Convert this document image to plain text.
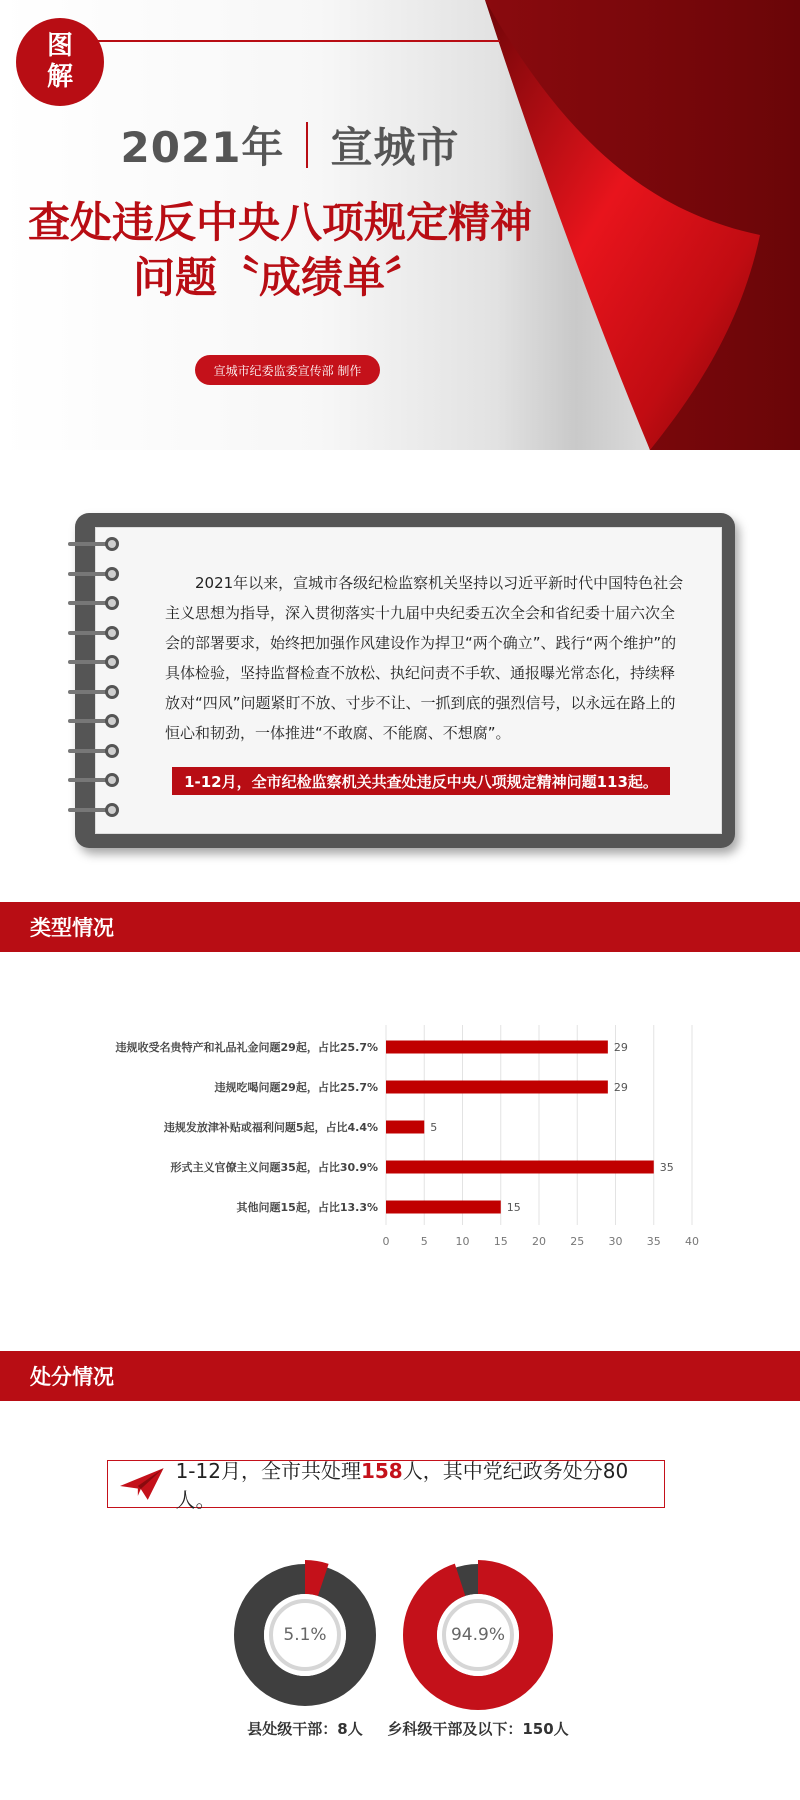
图
解
2021年 宣城市
查处违反中央八项规定精神
问题〝成绩单〞
宣城市纪委监委宣传部 制作
2021年以来，宣城市各级纪检监察机关坚持以习近平新时代中国特色社会主义思想为指导，深入贯彻落实十九届中央纪委五次全会和省纪委十届六次全会的部署要求，始终把加强作风建设作为捍卫“两个确立”、践行“两个维护”的具体检验，坚持监督检查不放松、执纪问责不手软、通报曝光常态化，持续释放对“四风”问题紧盯不放、寸步不让、一抓到底的强烈信号，以永远在路上的恒心和韧劲，一体推进“不敢腐、不能腐、不想腐”。
1-12月，全市纪检监察机关共查处违反中央八项规定精神问题113起。
类型情况
0	5	10 15 20 25 30 35 40
违规收受名贵特产和礼品礼金问题29起，占比25.7%	29
违规吃喝问题29起，占比25.7%	29
违规发放津补贴或福利问题5起，占比4.4%	5
形式主义官僚主义问题35起，占比30.9%	35
其他问题15起，占比13.3%	15
处分情况
1-12月，全市共处理158人，其中党纪政务处分80人。
5.1%
县处级干部：8人
94.9%
乡科级干部及以下：150人
